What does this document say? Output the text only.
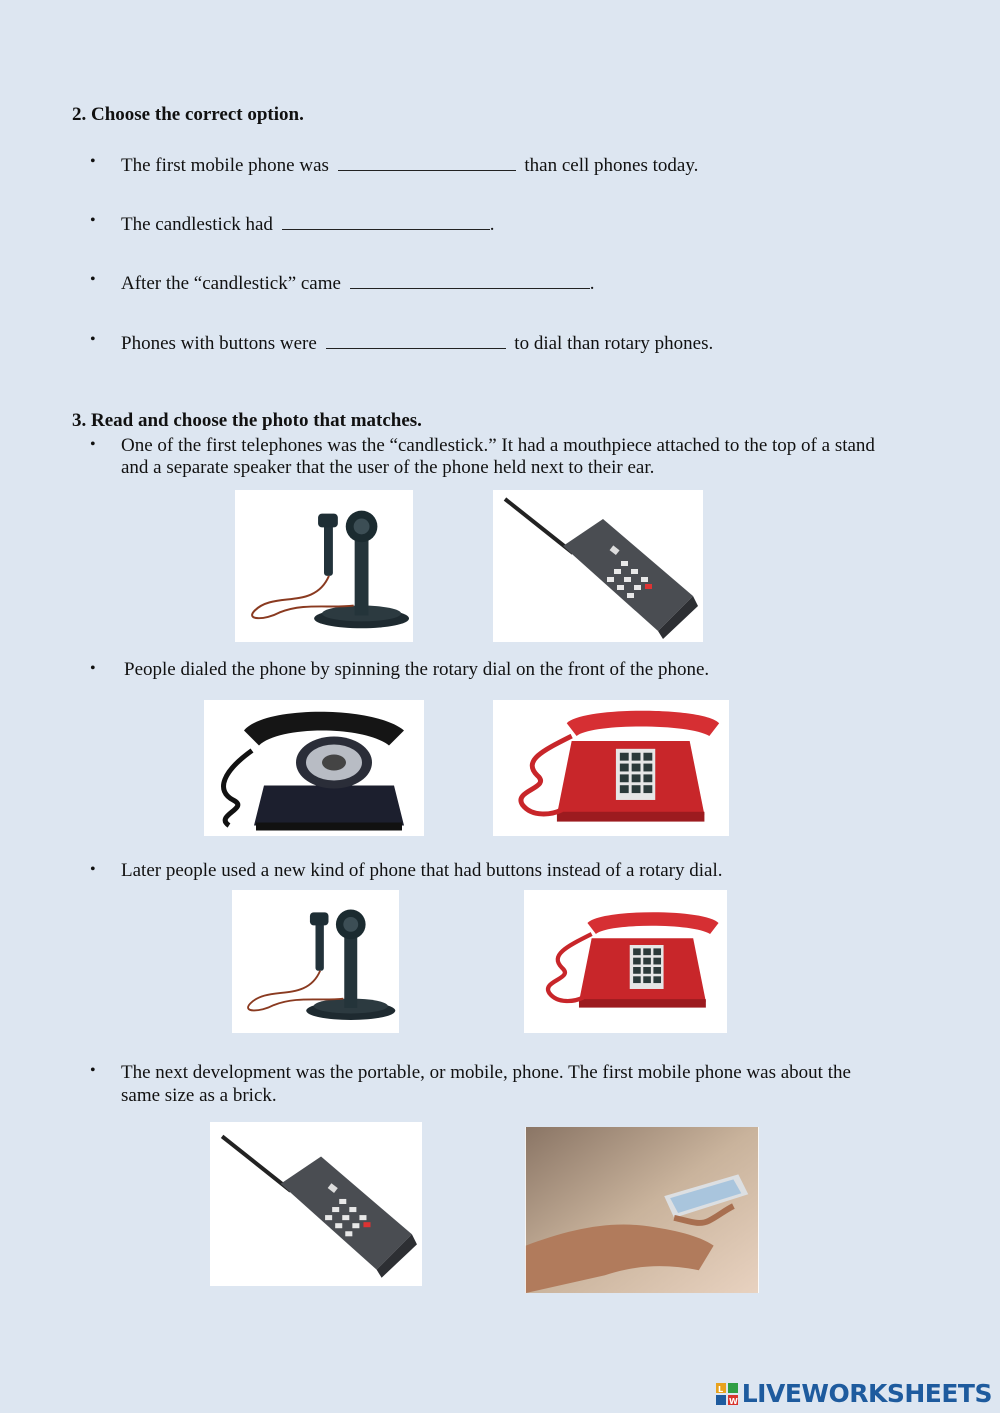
2. Choose the correct option.
• The first mobile phone was	than cell phones today.
• The candlestick had	.
• After the “candlestick” came	.
• Phones with buttons were	to dial than rotary phones.
3. Read and choose the photo that matches.
• One of the first telephones was the “candlestick.” It had a mouthpiece attached to the top of a stand
and a separate speaker that the user of the phone held next to their ear.
• People dialed the phone by spinning the rotary dial on the front of the phone.
• Later people used a new kind of phone that had buttons instead of a rotary dial.
• The next development was the portable, or mobile, phone. The first mobile phone was about the
same size as a brick.
L
W LIVEWORKSHEETS
